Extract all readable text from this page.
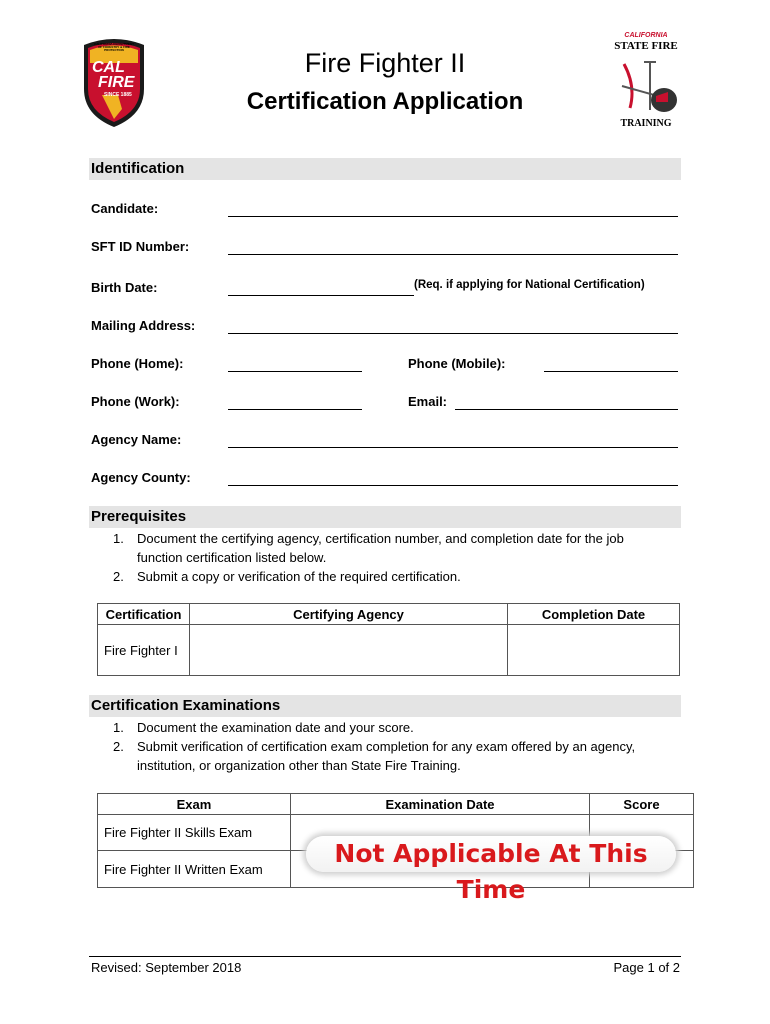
CALIFORNIA DEPARTMENT OF FORESTRY & FIRE PROTECTION
CAL
FIRE
SINCE 1885
Fire Fighter II
Certification Application
CALIFORNIA
STATE FIRE
TRAINING
Identification
Candidate:
SFT ID Number:
Birth Date:	(Req. if applying for National Certification)
Mailing Address:
Phone (Home):	Phone (Mobile):
Phone (Work):	Email:
Agency Name:
Agency County:
Prerequisites
1. Document the certifying agency, certification number, and completion date for the job
function certification listed below.
2. Submit a copy or verification of the required certification.
Certification	Certifying Agency	Completion Date
Fire Fighter I		
Certification Examinations
1. Document the examination date and your score.
2. Submit verification of certification exam completion for any exam offered by an agency,
institution, or organization other than State Fire Training.
Exam	Examination Date	Score
Fire Fighter II Skills Exam		
Fire Fighter II Written Exam		
Not Applicable At This Time
Revised: September 2018	Page 1 of 2
